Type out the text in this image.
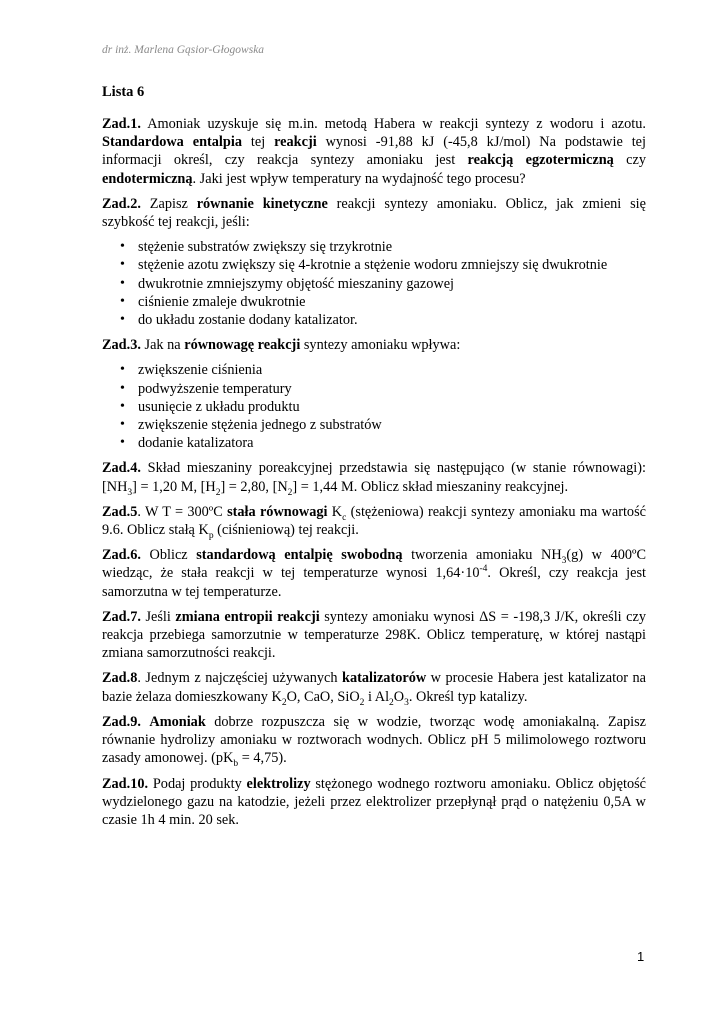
dr inż. Marlena Gąsior-Głogowska
Lista 6

Zad.1. Amoniak uzyskuje się m.in. metodą Habera w reakcji syntezy z wodoru i azotu. Standardowa entalpia tej reakcji wynosi -91,88 kJ (-45,8 kJ/mol) Na podstawie tej informacji określ, czy reakcja syntezy amoniaku jest reakcją egzotermiczną czy endotermiczną. Jaki jest wpływ temperatury na wydajność tego procesu?

Zad.2. Zapisz równanie kinetyczne reakcji syntezy amoniaku. Oblicz, jak zmieni się szybkość tej reakcji, jeśli:

• stężenie substratów zwiększy się trzykrotnie
• stężenie azotu zwiększy się 4-krotnie a stężenie wodoru zmniejszy się dwukrotnie
• dwukrotnie zmniejszymy objętość mieszaniny gazowej
• ciśnienie zmaleje dwukrotnie
• do układu zostanie dodany katalizator.

Zad.3. Jak na równowagę reakcji syntezy amoniaku wpływa:

• zwiększenie ciśnienia
• podwyższenie temperatury
• usunięcie z układu produktu
• zwiększenie stężenia jednego z substratów
• dodanie katalizatora

Zad.4. Skład mieszaniny poreakcyjnej przedstawia się następująco (w stanie równowagi): $[NH_3] = 1,20$ M, $[H_2] = 2,80$, $[N_2] = 1,44$ M. Oblicz skład mieszaniny reakcyjnej.

Zad.5. W T = 300ºC stała równowagi $K_c$ (stężeniowa) reakcji syntezy amoniaku ma wartość 9.6. Oblicz stałą $K_p$ (ciśnieniową) tej reakcji.

Zad.6. Oblicz standardową entalpię swobodną tworzenia amoniaku $NH_3(g)$ w 400ºC wiedząc, że stała reakcji w tej temperaturze wynosi $1,64\cdot 10^{-4}$. Określ, czy reakcja jest samorzutna w tej temperaturze.

Zad.7. Jeśli zmiana entropii reakcji syntezy amoniaku wynosi ΔS = -198,3 J/K, określi czy reakcja przebiega samorzutnie w temperaturze 298K. Oblicz temperaturę, w której nastąpi zmiana samorzutności reakcji.

Zad.8. Jednym z najczęściej używanych katalizatorów w procesie Habera jest katalizator na bazie żelaza domieszkowany $K_2O$, CaO, SiO$_2$ i $Al_2O_3$. Określ typ katalizy.

Zad.9. Amoniak dobrze rozpuszcza się w wodzie, tworząc wodę amoniakalną. Zapisz równanie hydrolizy amoniaku w roztworach wodnych. Oblicz pH 5 milimolowego roztworu zasady amonowej. $(pK_b = 4,75)$.

Zad.10. Podaj produkty elektrolizy stężonego wodnego roztworu amoniaku. Oblicz objętość wydzielonego gazu na katodzie, jeżeli przez elektrolizer przepłynął prąd o natężeniu 0,5A w czasie 1h 4 min. 20 sek.

1
